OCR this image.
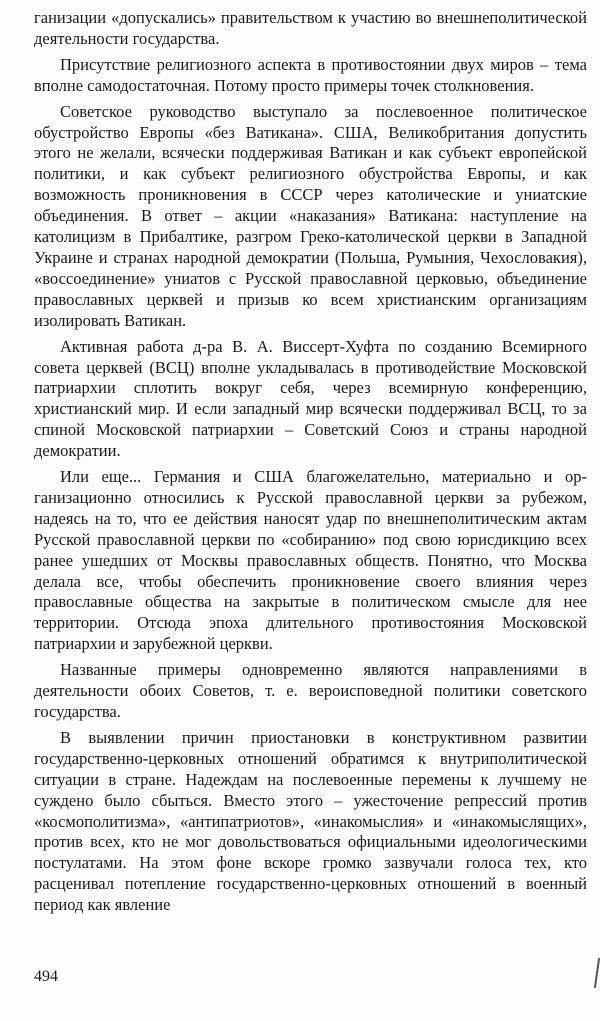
ганизации «допускались» правительством к участию во внешнеполитической деятельности государства.

Присутствие религиозного аспекта в противостоянии двух миров – тема вполне самодостаточная. Потому просто примеры точек столкновения.

Советское руководство выступало за послевоенное политическое обустройство Европы «без Ватикана». США, Великобритания допустить этого не желали, всячески поддерживая Ватикан и как субъект европейской политики, и как субъект религиозного обустройства Европы, и как возможность проникновения в СССР через католические и униатские объединения. В ответ – акции «наказания» Ватикана: наступление на католицизм в Прибалтике, разгром Греко-католической церкви в Западной Украине и странах народной демократии (Польша, Румыния, Чехословакия), «воссоединение» униатов с Русской православной церковью, объединение православных церквей и призыв ко всем христианским организациям изолировать Ватикан.

Активная работа д-ра В. А. Виссерт-Хуфта по созданию Всемирного совета церквей (ВСЦ) вполне укладывалась в противодействие Московской патриархии сплотить вокруг себя, через всемирную конференцию, христианский мир. И если западный мир всячески поддерживал ВСЦ, то за спиной Московской патриархии – Советский Союз и страны народной демократии.

Или еще... Германия и США благожелательно, материально и организационно относились к Русской православной церкви за рубежом, надеясь на то, что ее действия наносят удар по внешнеполитическим актам Русской православной церкви по «собиранию» под свою юрисдикцию всех ранее ушедших от Москвы православных обществ. Понятно, что Москва делала все, чтобы обеспечить проникновение своего влияния через православные общества на закрытые в политическом смысле для нее территории. Отсюда эпоха длительного противостояния Московской патриархии и зарубежной церкви.

Названные примеры одновременно являются направлениями в деятельности обоих Советов, т. е. вероисповедной политики советского государства.

В выявлении причин приостановки в конструктивном развитии государственно-церковных отношений обратимся к внутриполитической ситуации в стране. Надеждам на послевоенные перемены к лучшему не суждено было сбыться. Вместо этого – ужесточение репрессий против «космополитизма», «антипатриотов», «инакомыслия» и «инакомыслящих», против всех, кто не мог довольствоваться официальными идеологическими постулатами. На этом фоне вскоре громко зазвучали голоса тех, кто расценивал потепление государственно-церковных отношений в военный период как явление

494
